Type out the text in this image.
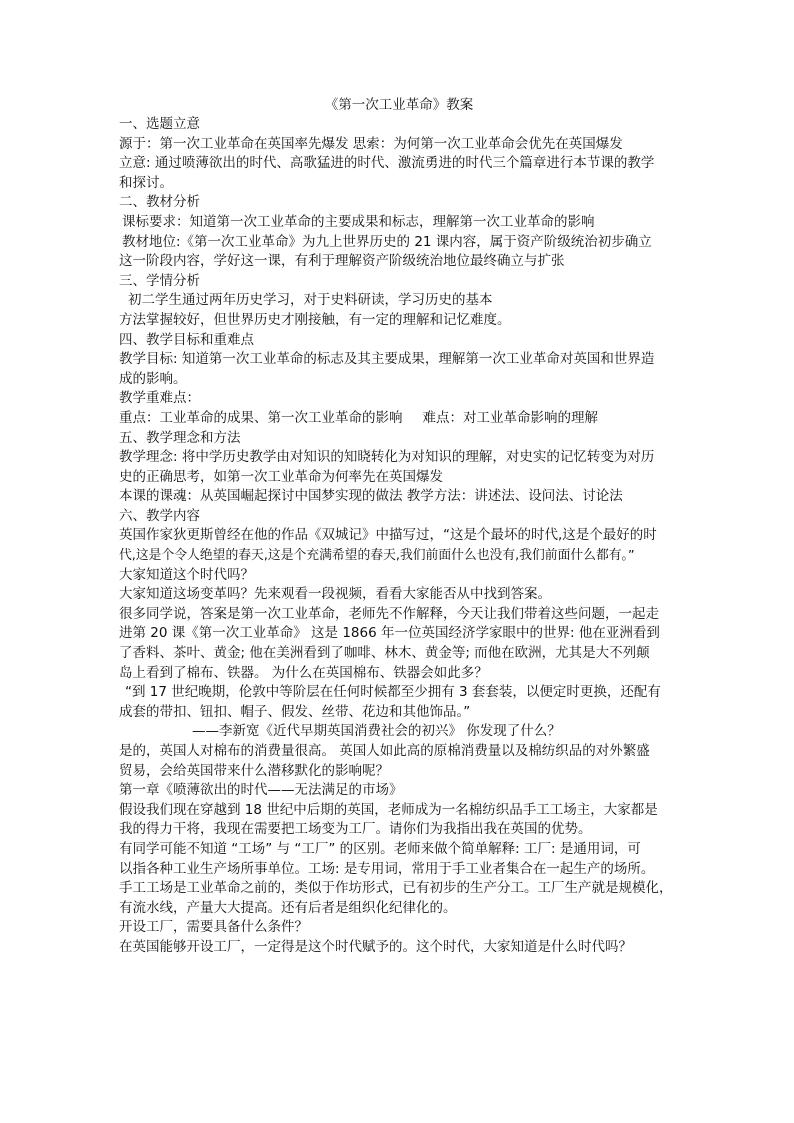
《第一次工业革命》教案

一、选题立意

源于：第一次工业革命在英国率先爆发 思索：为何第一次工业革命会优先在英国爆发

立意: 通过喷薄欲出的时代、高歌猛进的时代、激流勇进的时代三个篇章进行本节课的教学

和探讨。

二、教材分析

课标要求：知道第一次工业革命的主要成果和标志，理解第一次工业革命的影响

教材地位:《第一次工业革命》为九上世界历史的 21 课内容，属于资产阶级统治初步确立

这一阶段内容，学好这一课，有利于理解资产阶级统治地位最终确立与扩张

三、学情分析

初二学生通过两年历史学习，对于史料研读，学习历史的基本

方法掌握较好，但世界历史才刚接触，有一定的理解和记忆难度。

四、教学目标和重难点

教学目标: 知道第一次工业革命的标志及其主要成果，理解第一次工业革命对英国和世界造

成的影响。

教学重难点：

重点：工业革命的成果、第一次工业革命的影响 难点：对工业革命影响的理解

五、教学理念和方法

教学理念: 将中学历史教学由对知识的知晓转化为对知识的理解，对史实的记忆转变为对历

史的正确思考，如第一次工业革命为何率先在英国爆发

本课的课魂：从英国崛起探讨中国梦实现的做法 教学方法：讲述法、设问法、讨论法

六、教学内容

英国作家狄更斯曾经在他的作品《双城记》中描写过，“这是个最坏的时代,这是个最好的时

代,这是个令人绝望的春天,这是个充满希望的春天,我们前面什么也没有,我们前面什么都有。”

大家知道这个时代吗？

大家知道这场变革吗？先来观看一段视频，看看大家能否从中找到答案。

很多同学说，答案是第一次工业革命，老师先不作解释，今天让我们带着这些问题，一起走

进第 20 课《第一次工业革命》 这是 1866 年一位英国经济学家眼中的世界: 他在亚洲看到

了香料、茶叶、黄金; 他在美洲看到了咖啡、林木、黄金等; 而他在欧洲，尤其是大不列颠

岛上看到了棉布、铁器。 为什么在英国棉布、铁器会如此多？

“到 17 世纪晚期，伦敦中等阶层在任何时候都至少拥有 3 套套装，以便定时更换，还配有

成套的带扣、钮扣、帽子、假发、丝带、花边和其他饰品。”

——李新宽《近代早期英国消费社会的初兴》 你发现了什么？

是的，英国人对棉布的消费量很高。 英国人如此高的原棉消费量以及棉纺织品的对外繁盛

贸易，会给英国带来什么潜移默化的影响呢？

第一章《喷薄欲出的时代——无法满足的市场》

假设我们现在穿越到 18 世纪中后期的英国，老师成为一名棉纺织品手工工场主，大家都是

我的得力干将，我现在需要把工场变为工厂。请你们为我指出我在英国的优势。

有同学可能不知道 “工场” 与 “工厂” 的区别。老师来做个简单解释: 工厂: 是通用词，可

以指各种工业生产场所事单位。工场: 是专用词，常用于手工业者集合在一起生产的场所。

手工工场是工业革命之前的，类似于作坊形式，已有初步的生产分工。工厂生产就是规模化，

有流水线，产量大大提高。还有后者是组织化纪律化的。

开设工厂，需要具备什么条件？

在英国能够开设工厂，一定得是这个时代赋予的。这个时代，大家知道是什么时代吗？
